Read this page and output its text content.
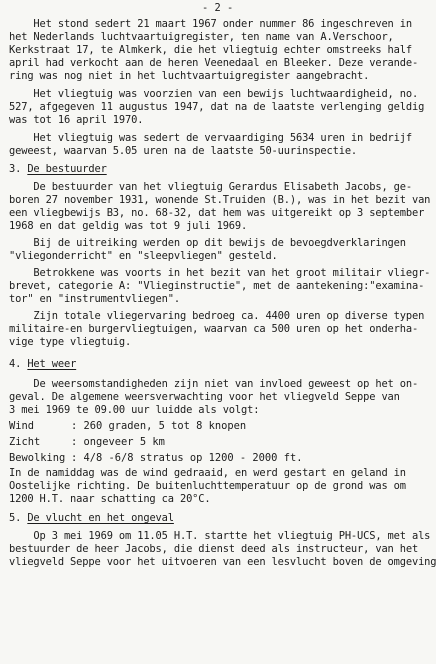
- 2 -
Het stond sedert 21 maart 1967 onder nummer 86 ingeschreven in
het Nederlands luchtvaartuigregister, ten name van A.Verschoor,
Kerkstraat 17, te Almkerk, die het vliegtuig echter omstreeks half
april had verkocht aan de heren Veenedaal en Bleeker. Deze verande-
ring was nog niet in het luchtvaartuigregister aangebracht.
Het vliegtuig was voorzien van een bewijs luchtwaardigheid, no.
527, afgegeven 11 augustus 1947, dat na de laatste verlenging geldig
was tot 16 april 1970.
Het vliegtuig was sedert de vervaardiging 5634 uren in bedrijf
geweest, waarvan 5.05 uren na de laatste 50-uurinspectie.
3. De bestuurder
De bestuurder van het vliegtuig Gerardus Elisabeth Jacobs, ge-
boren 27 november 1931, wonende St.Truiden (B.), was in het bezit van
een vliegbewijs B3, no. 68-32, dat hem was uitgereikt op 3 september
1968 en dat geldig was tot 9 juli 1969.
Bij de uitreiking werden op dit bewijs de bevoegdverklaringen
"vliegonderricht" en "sleepvliegen" gesteld.
Betrokkene was voorts in het bezit van het groot militair vliegr-
brevet, categorie A: "Vlieginstructie", met de aantekening:"examina-
tor" en "instrumentvliegen".
Zijn totale vliegervaring bedroeg ca. 4400 uren op diverse typen
militaire-en burgervliegtuigen, waarvan ca 500 uren op het onderha-
vige type vliegtuig.
4. Het weer
De weersomstandigheden zijn niet van invloed geweest op het on-
geval. De algemene weersverwachting voor het vliegveld Seppe van
3 mei 1969 te 09.00 uur luidde als volgt:
Wind	: 260 graden, 5 tot 8 knopen
Zicht	: ongeveer 5 km
Bewolking : 4/8 -6/8 stratus op 1200 - 2000 ft.
In de namiddag was de wind gedraaid, en werd gestart en geland in
Oostelijke richting. De buitenluchttemperatuur op de grond was om
1200 H.T. naar schatting ca 20°C.
5. De vlucht en het ongeval
Op 3 mei 1969 om 11.05 H.T. startte het vliegtuig PH-UCS, met als
bestuurder de heer Jacobs, die dienst deed als instructeur, van het
vliegveld Seppe voor het uitvoeren van een lesvlucht boven de omgeving
